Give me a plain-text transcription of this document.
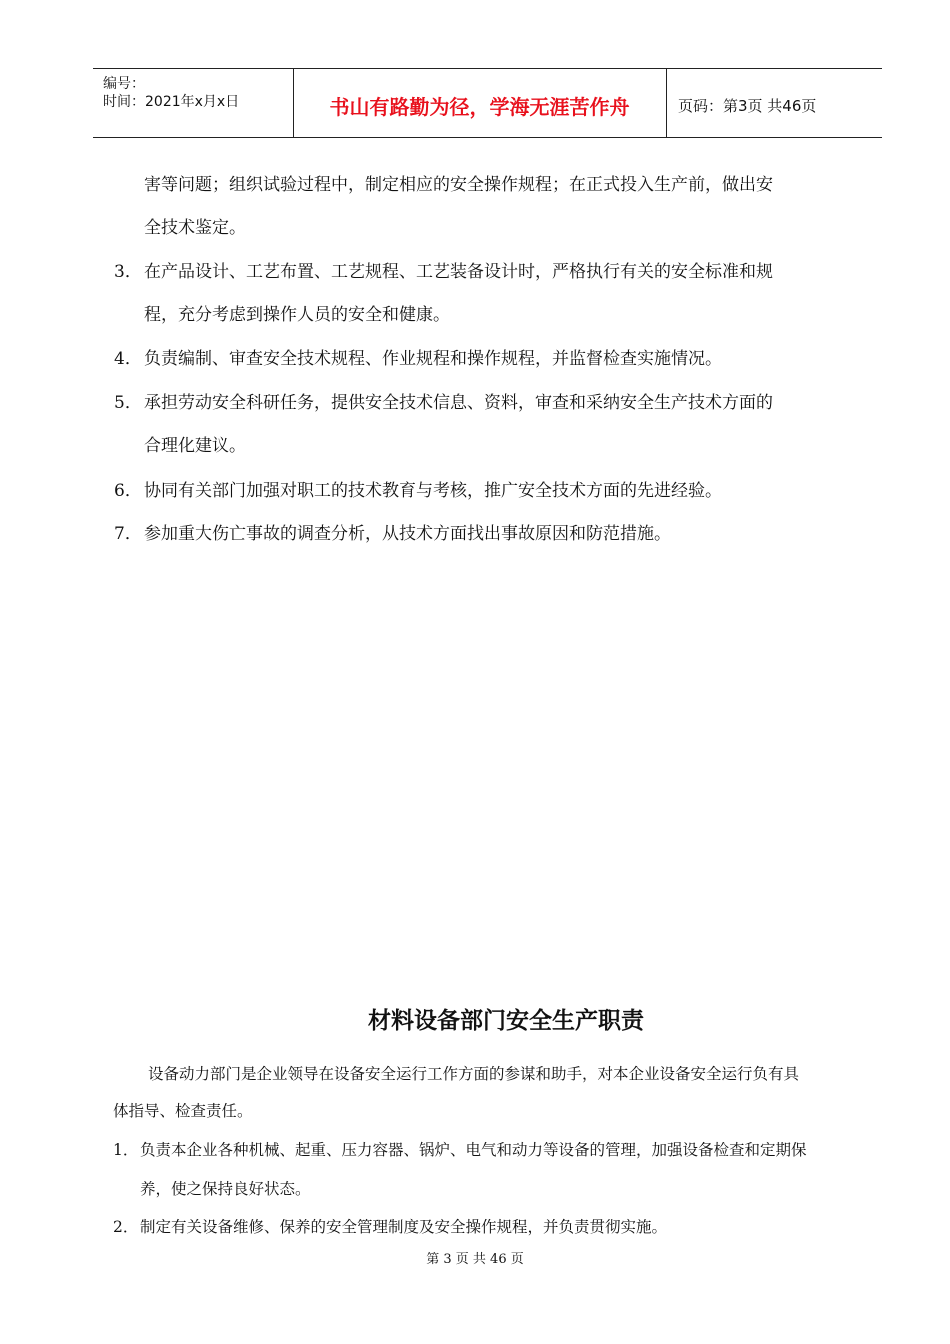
编号：
时间：2021年x月x日	书山有路勤为径，学海无涯苦作舟	页码：第3页 共46页
害等问题；组织试验过程中，制定相应的安全操作规程；在正式投入生产前，做出安
全技术鉴定。
3． 在产品设计、工艺布置、工艺规程、工艺装备设计时，严格执行有关的安全标准和规
程，充分考虑到操作人员的安全和健康。
4． 负责编制、审查安全技术规程、作业规程和操作规程，并监督检查实施情况。
5． 承担劳动安全科研任务，提供安全技术信息、资料，审查和采纳安全生产技术方面的
合理化建议。
6． 协同有关部门加强对职工的技术教育与考核，推广安全技术方面的先进经验。
7． 参加重大伤亡事故的调查分析，从技术方面找出事故原因和防范措施。
材料设备部门安全生产职责
设备动力部门是企业领导在设备安全运行工作方面的参谋和助手，对本企业设备安全运行负有具
体指导、检查责任。
1． 负责本企业各种机械、起重、压力容器、锅炉、电气和动力等设备的管理，加强设备检查和定期保
养，使之保持良好状态。
2． 制定有关设备维修、保养的安全管理制度及安全操作规程，并负责贯彻实施。
第 3 页 共 46 页
